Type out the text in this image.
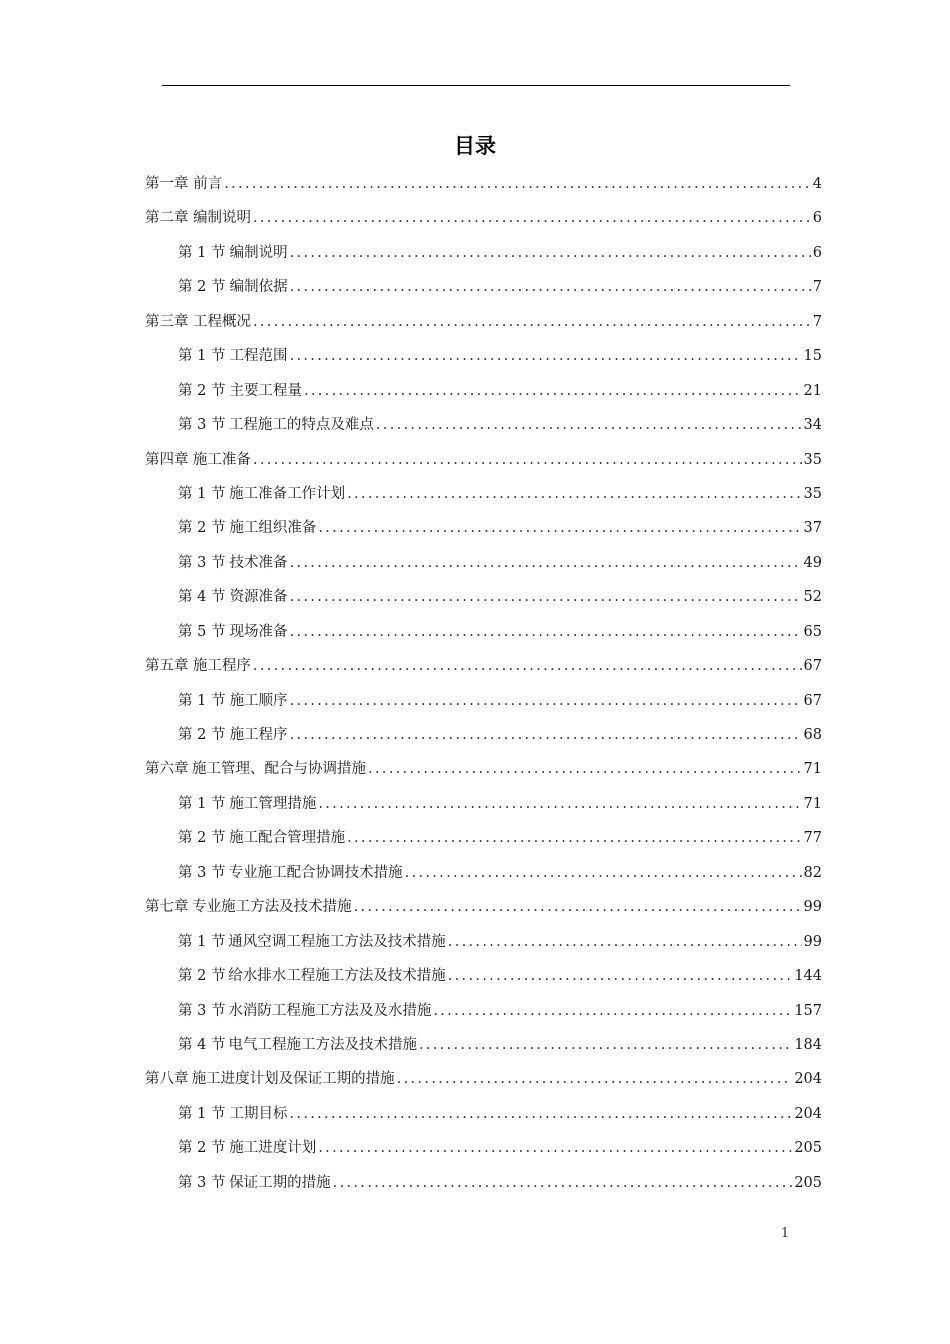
目录
第一章 前言 .....	4
第二章 编制说明 .....	6
第 1 节 编制说明 .....	6
第 2 节 编制依据 .....	7
第三章 工程概况 .....	7
第 1 节 工程范围 .....	15
第 2 节 主要工程量 .....	21
第 3 节 工程施工的特点及难点 .....	34
第四章 施工准备 .....	35
第 1 节 施工准备工作计划 .....	35
第 2 节 施工组织准备 .....	37
第 3 节 技术准备 .....	49
第 4 节 资源准备 .....	52
第 5 节 现场准备 .....	65
第五章 施工程序 .....	67
第 1 节 施工顺序 .....	67
第 2 节 施工程序 .....	68
第六章 施工管理、配合与协调措施 .....	71
第 1 节 施工管理措施 .....	71
第 2 节 施工配合管理措施 .....	77
第 3 节 专业施工配合协调技术措施 .....	82
第七章 专业施工方法及技术措施 .....	99
第 1 节 通风空调工程施工方法及技术措施 .....	99
第 2 节 给水排水工程施工方法及技术措施 .....	144
第 3 节 水消防工程施工方法及及水措施 .....	157
第 4 节 电气工程施工方法及技术措施 .....	184
第八章 施工进度计划及保证工期的措施 .....	204
第 1 节 工期目标 .....	204
第 2 节 施工进度计划 .....	205
第 3 节 保证工期的措施 .....	205
1
